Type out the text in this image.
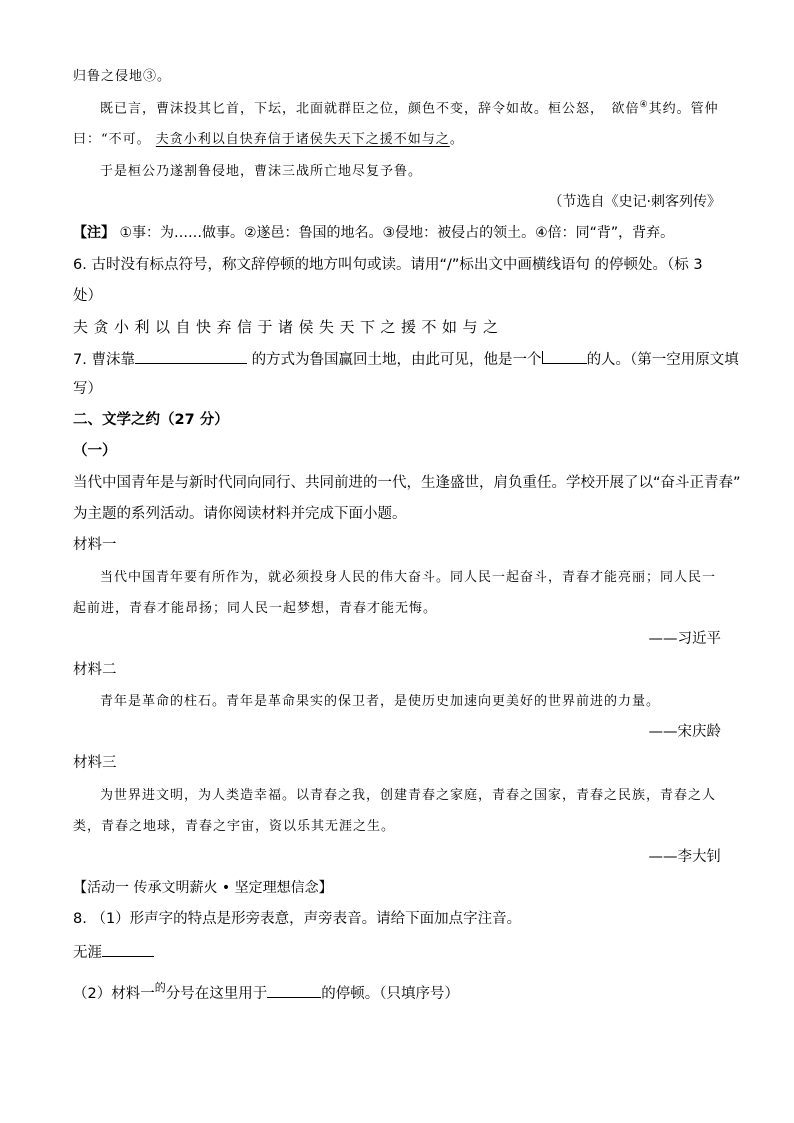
归鲁之侵地③。
既已言，曹沫投其匕首，下坛，北面就群臣之位，颜色不变，辞令如故。桓公怒，　欲倍④其约。管仲
曰：“不可。 夫贪小利以自快弃信于诸侯失天下之援不如与之。
于是桓公乃遂割鲁侵地，曹沫三战所亡地尽复予鲁。
（节选自《史记·刺客列传》
【注】 ①事：为……做事。②遂邑：鲁国的地名。③侵地：被侵占的领土。④倍：同“背”，背弃。
6. 古时没有标点符号，称文辞停顿的地方叫句或读。请用“/”标出文中画横线语句 的停顿处。（标 3
处）
夫贪小利以自快弃信于诸侯失天下之援不如与之
7. 曹沫靠	的方式为鲁国赢回土地，由此可见，他是一个	的人。（第一空用原文填
写）
二、文学之约（27 分）
（一）
当代中国青年是与新时代同向同行、共同前进的一代，生逢盛世，肩负重任。学校开展了以“奋斗正青春”
为主题的系列活动。请你阅读材料并完成下面小题。
材料一
当代中国青年要有所作为，就必须投身人民的伟大奋斗。同人民一起奋斗，青春才能亮丽；同人民一
起前进，青春才能昂扬；同人民一起梦想，青春才能无悔。
——习近平
材料二
青年是革命的柱石。青年是革命果实的保卫者，是使历史加速向更美好的世界前进的力量。
——宋庆龄
材料三
为世界进文明，为人类造幸福。以青春之我，创建青春之家庭，青春之国家，青春之民族，青春之人
类，青春之地球，青春之宇宙，资以乐其无涯之生。
——李大钊
【活动一 传承文明薪火 • 坚定理想信念】
8. （1）形声字的特点是形旁表意，声旁表音。请给下面加点字注音。
无涯
（2）材料一$^的$分号在这里用于	的停顿。（只填序号）
